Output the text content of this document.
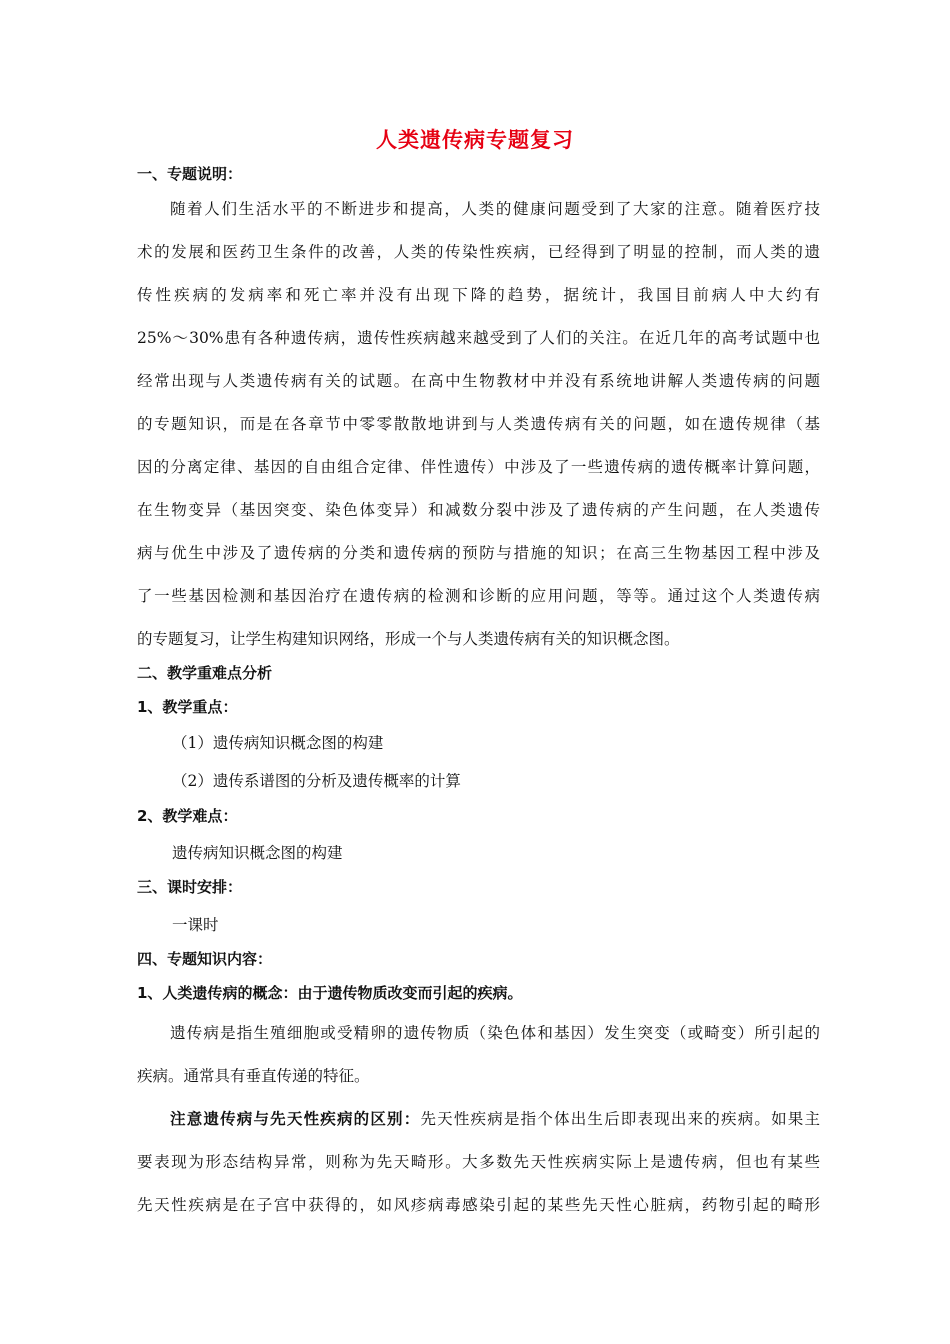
人类遗传病专题复习
一、专题说明：
随着人们生活水平的不断进步和提高，人类的健康问题受到了大家的注意。随着医疗技
术的发展和医药卫生条件的改善，人类的传染性疾病，已经得到了明显的控制，而人类的遗
传性疾病的发病率和死亡率并没有出现下降的趋势，据统计，我国目前病人中大约有
25%～30%患有各种遗传病，遗传性疾病越来越受到了人们的关注。在近几年的高考试题中也
经常出现与人类遗传病有关的试题。在高中生物教材中并没有系统地讲解人类遗传病的问题
的专题知识，而是在各章节中零零散散地讲到与人类遗传病有关的问题，如在遗传规律（基
因的分离定律、基因的自由组合定律、伴性遗传）中涉及了一些遗传病的遗传概率计算问题，
在生物变异（基因突变、染色体变异）和减数分裂中涉及了遗传病的产生问题，在人类遗传
病与优生中涉及了遗传病的分类和遗传病的预防与措施的知识；在高三生物基因工程中涉及
了一些基因检测和基因治疗在遗传病的检测和诊断的应用问题，等等。通过这个人类遗传病
的专题复习，让学生构建知识网络，形成一个与人类遗传病有关的知识概念图。
二、教学重难点分析
1、教学重点：
（1）遗传病知识概念图的构建
（2）遗传系谱图的分析及遗传概率的计算
2、教学难点：
遗传病知识概念图的构建
三、课时安排：
一课时
四、专题知识内容：
1、人类遗传病的概念：由于遗传物质改变而引起的疾病。
遗传病是指生殖细胞或受精卵的遗传物质（染色体和基因）发生突变（或畸变）所引起的
疾病。通常具有垂直传递的特征。
注意遗传病与先天性疾病的区别：先天性疾病是指个体出生后即表现出来的疾病。如果主
要表现为形态结构异常，则称为先天畸形。大多数先天性疾病实际上是遗传病，但也有某些
先天性疾病是在子宫中获得的，如风疹病毒感染引起的某些先天性心脏病，药物引起的畸形
